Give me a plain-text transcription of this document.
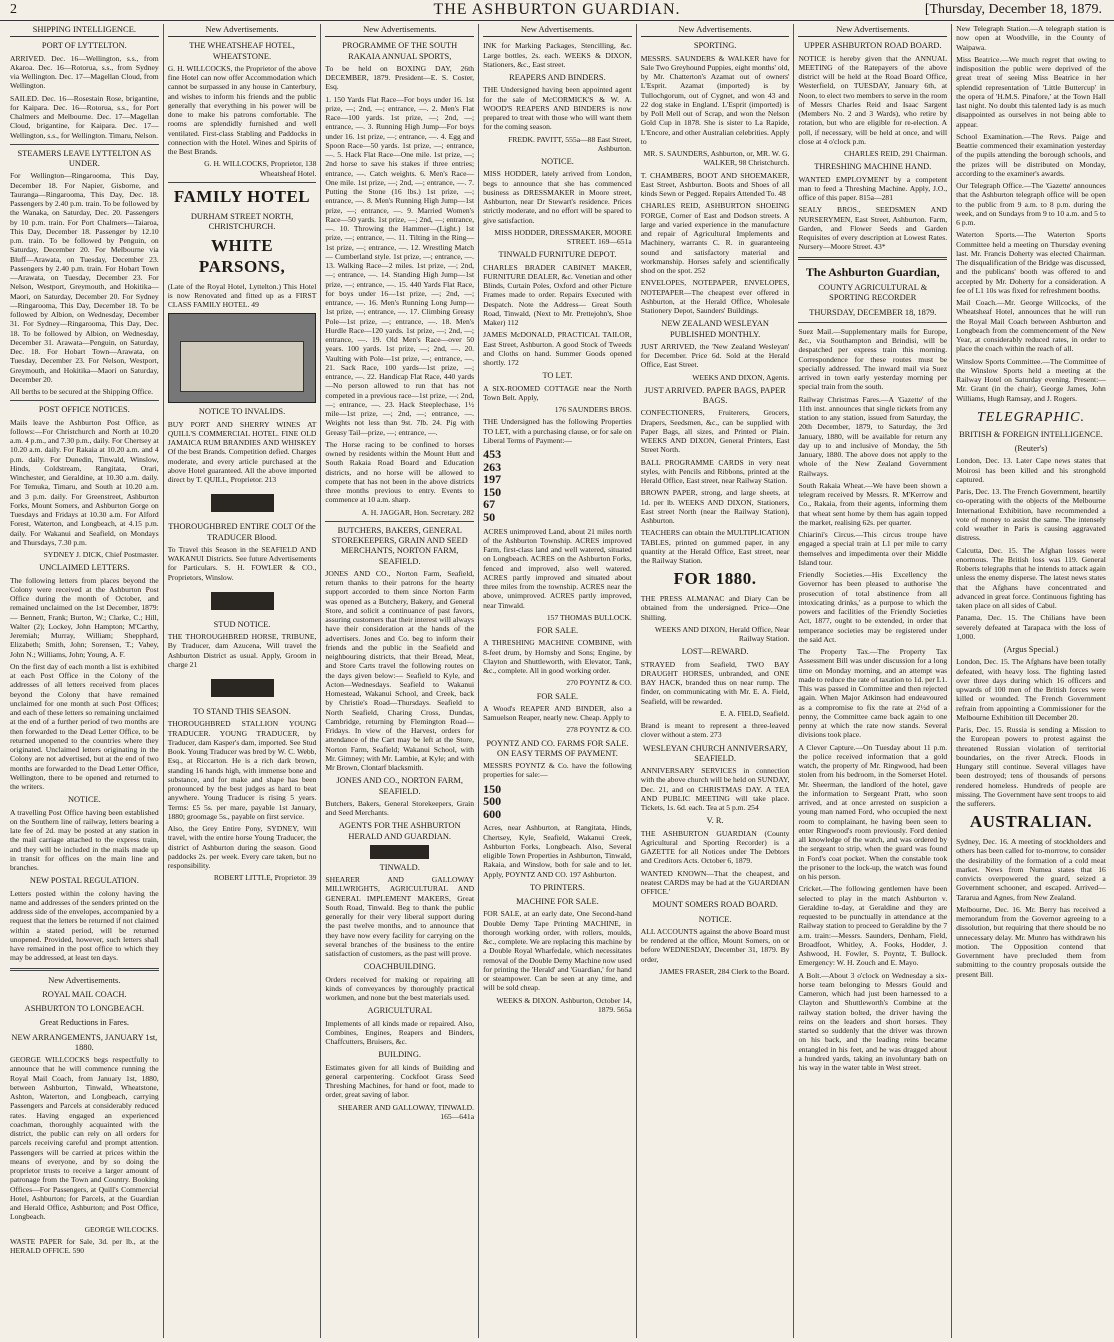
2	THE ASHBURTON GUARDIAN.	[Thursday, December 18, 1879.
SHIPPING INTELLIGENCE.
PORT OF LYTTELTON.
ARRIVED. Dec. 16—Wellington, s.s., from Akaroa. Dec. 16—Rotorua, s.s., from Sydney via Wellington. Dec. 17—Magellan Cloud, from Wellington.
SAILED. Dec. 16—Rosestain Rose, brigantine, for Kaipara. Dec. 16—Rotorua, s.s., for Port Chalmers and Melbourne. Dec. 17—Magellan Cloud, brigantine, for Kaipara. Dec. 17—Wellington, s.s., for Wellington. Timaru, Nelson.
STEAMERS LEAVE LYTTELTON AS UNDER.
For Wellington—Ringarooma, This Day, December 18. For Napier, Gisborne, and Tauranga—Ringarooma, This Day, Dec. 18. Passengers by 2.40 p.m. train. To be followed by the Wanaka, on Saturday, Dec. 20. Passengers by 10 p.m. train. For Port Chalmers—Taiaroa, This Day, December 18. Passenger by 12.10 p.m. train. To be followed by Penguin, on Saturday, December 20. For Melbourne via Bluff—Arawata, on Tuesday, December 23. Passengers by 2.40 p.m. train. For Hobart Town—Arawata, on Tuesday, December 23. For Nelson, Westport, Greymouth, and Hokitika—Maori, on Saturday, December 20. For Sydney—Ringarooma, This Day, December 18. To be followed by Albion, on Wednesday, December 31. For Sydney—Ringarooma, This Day, Dec. 18. To be followed by Albion, on Wednesday, December 31. Arawata—Penguin, on Saturday, Dec. 18. For Hobart Town—Arawata, on Tuesday, December 23. For Nelson, Westport, Greymouth, and Hokitika—Maori on Saturday, December 20.
All berths to be secured at the Shipping Office.
POST OFFICE NOTICES.
Mails leave the Ashburton Post Office, as follows:—For Christchurch and North at 10.20 a.m. 4 p.m., and 7.30 p.m., daily. For Chertsey at 10.20 a.m. daily. For Rakaia at 10.20 a.m. and 4 p.m. daily. For Dunedin, Tinwald, Winslow, Hinds, Coldstream, Rangitata, Orari, Winchester, and Geraldine, at 10.30 a.m. daily. For Temuka, Timaru, and South at 10.20 a.m. and 3 p.m. daily. For Greenstreet, Ashburton Forks, Mount Somers, and Ashburton Gorge on Tuesdays and Fridays at 10.30 a.m. For Alford Forest, Waterton, and Longbeach, at 4.15 p.m. daily. For Wakanui and Seafield, on Mondays and Thursdays, 7.30 p.m.
SYDNEY J. DICK, Chief Postmaster.
UNCLAIMED LETTERS.
The following letters from places beyond the Colony were received at the Ashburton Post Office during the month of October, and remained unclaimed on the 1st December, 1879:— Bennett, Frank; Burton, W.; Clarke, C.; Hill, Walter (2); Lockey, John Hampton; M'Carthy, Jeremiah; Murray, William; Shepphard, Elizabeth; Smith, John; Sorensen, T.; Vahey, John N.; Williams, John; Young, A. F.
On the first day of each month a list is exhibited at each Post Office in the Colony of the addresses of all letters received from places beyond the Colony that have remained unclaimed for one month at such Post Offices; and each of these letters so remaining unclaimed at the end of a further period of two months are then forwarded to the Dead Letter Office, to be returned unopened to the countries where they originated. Unclaimed letters originating in the Colony are not advertised, but at the end of two months are forwarded to the Dead Letter Office, Wellington, there to be opened and returned to the writers.
NOTICE.
A travelling Post Office having been established on the Southern line of railway, letters bearing a late fee of 2d. may be posted at any station in the mail carriage attached to the express train, and they will be included in the mails made up in transit for offices on the main line and branches.
NEW POSTAL REGULATION.
Letters posted within the colony having the name and addresses of the senders printed on the address side of the envelopes, accompanied by a request that the letters be returned if not claimed within a stated period, will be returned unopened. Provided, however, such letters shall have remained in the post office to which they may be addressed, at least ten days.
New Advertisements.
ROYAL MAIL COACH.
ASHBURTON TO LONGBEACH.
Great Reductions in Fares.
NEW ARRANGEMENTS, JANUARY 1st, 1880.
GEORGE WILLCOCKS begs respectfully to announce that he will commence running the Royal Mail Coach, from January 1st, 1880, between Ashburton, Tinwald, Wheatstone, Ashton, Waterton, and Longbeach, carrying Passengers and Parcels at considerably reduced rates. Having engaged an experienced coachman, thoroughly acquainted with the district, the public can rely on all orders for parcels receiving careful and prompt attention. Passengers will be carried at prices within the means of everyone, and by so doing the proprietor trusts to receive a larger amount of patronage from the Town and Country. Booking Offices—For Passengers, at Quill's Commercial Hotel, Ashburton; for Parcels, at the Guardian and Herald Office, Ashburton; and Post Office, Longbeach.
GEORGE WILCOCKS.
WASTE PAPER for Sale, 3d. per lb., at the HERALD OFFICE. 590
New Advertisements.
THE WHEATSHEAF HOTEL, WHEATSTONE.
G. H. WILLCOCKS, the Proprietor of the above fine Hotel can now offer Accommodation which cannot be surpassed in any house in Canterbury, and wishes to inform his friends and the public generally that everything in his power will be done to make his patrons comfortable. The rooms are splendidly furnished and well ventilated. First-class Stabling and Paddocks in connection with the Hotel. Wines and Spirits of the Best Brands.
G. H. WILLCOCKS, Proprietor, 138 Wheatsheaf Hotel.
FAMILY HOTEL
DURHAM STREET NORTH, CHRISTCHURCH.
WHITE PARSONS,
(Late of the Royal Hotel, Lyttelton.) This Hotel is now Renovated and fitted up as a FIRST CLASS FAMILY HOTEL. 49
NOTICE TO INVALIDS.
BUY PORT AND SHERRY WINES AT QUILL'S COMMERCIAL HOTEL. FINE OLD JAMAICA RUM BRANDIES AND WHISKEY Of the best Brands. Competition defied. Charges moderate, and every article purchased at the above Hotel guaranteed. All the above imported direct by T. QUILL, Proprietor. 213
THOROUGHBRED ENTIRE COLT Of the TRADUCER Blood.
To Travel this Season in the SEAFIELD AND WAKANUI Districts. See future Advertisements for Particulars. S. H. FOWLER & CO., Proprietors, Winslow.
STUD NOTICE.
THE THOROUGHBRED HORSE, TRIBUNE, By Traducer, dam Azucena, Will travel the Ashburton District as usual. Apply, Groom in charge 21
TO STAND THIS SEASON.
THOROUGHBRED STALLION YOUNG TRADUCER. YOUNG TRADUCER, by Traducer, dam Kasper's dam, imported. See Stud Book. Young Traducer was bred by W. C. Webb, Esq., at Riccarton. He is a rich dark brown, standing 16 hands high, with immense bone and substance, and for make and shape has been pronounced by the best judges as hard to beat anywhere. Young Traducer is rising 5 years. Terms: £5 5s. per mare, payable 1st January, 1880; groomage 5s., payable on first service.
Also, the Grey Entire Pony, SYDNEY, Will travel, with the entire horse Young Traducer, the district of Ashburton during the season. Good paddocks 2s. per week. Every care taken, but no responsibility.
ROBERT LITTLE, Proprietor. 39
New Advertisements.
PROGRAMME OF THE SOUTH RAKAIA ANNUAL SPORTS,
To be held on BOXING DAY, 26th DECEMBER, 1879. President—E. S. Coster, Esq.
1. 150 Yards Flat Race—For boys under 16. 1st prize, —; 2nd, —; entrance, —. 2. Men's Flat Race—100 yards. 1st prize, —; 2nd, —; entrance, —. 3. Running High Jump—For boys under 16. 1st prize, —; entrance, —. 4. Egg and Spoon Race—50 yards. 1st prize, —; entrance, —. 5. Hack Flat Race—One mile. 1st prize, —; 2nd horse to save his stakes if three entries; entrance, —. Catch weights. 6. Men's Race—One mile. 1st prize, —; 2nd, —; entrance, —. 7. Putting the Stone (16 lbs.) 1st prize, —; entrance, —. 8. Men's Running High Jump—1st prize, —; entrance, —. 9. Married Women's Race—50 yards. 1st prize, —; 2nd, —; entrance, —. 10. Throwing the Hammer—(Light.) 1st prize, —; entrance, —. 11. Tilting in the Ring—1st prize, —; entrance, —. 12. Wrestling Match — Cumberland style. 1st prize, —; entrance, —. 13. Walking Race—2 miles. 1st prize, —; 2nd, —; entrance, —. 14. Standing High Jump—1st prize, —; entrance, —. 15. 440 Yards Flat Race, for boys under 16—1st prize, —; 2nd, —; entrance, —. 16. Men's Running Long Jump—1st prize, —; entrance, —. 17. Climbing Greasy Pole—1st prize, —; entrance, —. 18. Men's Hurdle Race—120 yards. 1st prize, —; 2nd, —; entrance, —. 19. Old Men's Race—over 50 years. 100 yards. 1st prize, —; 2nd, —. 20. Vaulting with Pole—1st prize, —; entrance, —. 21. Sack Race, 100 yards—1st prize, —; entrance, —. 22. Handicap Flat Race, 440 yards—No person allowed to run that has not competed in a previous race—1st prize, —; 2nd, —; entrance, —. 23. Hack Steeplechase, 1½ mile—1st prize, —; 2nd, —; entrance, —. Weights not less than 9st. 7lb. 24. Pig with Greasy Tail—prize, —; entrance, —.
The Horse racing to be confined to horses owned by residents within the Mount Hutt and South Rakaia Road Board and Education districts, and no horse will be allowed to compete that has not been in the above districts three months previous to entry. Events to commence at 10 a.m. sharp.
A. H. JAGGAR, Hon. Secretary. 282
BUTCHERS, BAKERS, GENERAL STOREKEEPERS, GRAIN AND SEED MERCHANTS, NORTON FARM, SEAFIELD.
JONES AND CO., Norton Farm, Seafield, return thanks to their patrons for the hearty support accorded to them since Norton Farm was opened as a Butchery, Bakery, and General Store, and solicit a continuance of past favors, assuring customers that their interest will always have their consideration at the hands of the advertisers. Jones and Co. beg to inform their friends and the public in the Seafield and neighbouring districts, that their Bread, Meat, and Store Carts travel the following routes on the days given below:— Seafield to Kyle, and Acton—Wednesdays. Seafield to Wakanui Homestead, Wakanui School, and Creek, back by Christie's Road—Thursdays. Seafield to North Seafield, Charing Cross, Dundas, Cambridge, returning by Flemington Road—Fridays. In view of the Harvest, orders for attendance of the Cart may be left at the Store, Norton Farm, Seafield; Wakanui School, with Mr. Gimney; with Mr. Lambie, at Kyle; and with Mr Brown, Clontarf blacksmith.
JONES AND CO., NORTON FARM, SEAFIELD.
Butchers, Bakers, General Storekeepers, Grain and Seed Merchants.
AGENTS FOR THE ASHBURTON HERALD AND GUARDIAN.
TINWALD.
SHEARER AND GALLOWAY MILLWRIGHTS, AGRICULTURAL AND GENERAL IMPLEMENT MAKERS, Great South Road, Tinwald. Beg to thank the public generally for their very liberal support during the past twelve months, and to announce that they have now every facility for carrying on the several branches of the business to the entire satisfaction of customers, as the past will prove.
COACHBUILDING.
Orders received for making or repairing all kinds of conveyances by thoroughly practical workmen, and none but the best materials used.
AGRICULTURAL
Implements of all kinds made or repaired. Also, Combines, Engines, Reapers and Binders, Chaffcutters, Bruisers, &c.
BUILDING.
Estimates given for all kinds of Building and general carpentering. Cockfoot Grass Seed Threshing Machines, for hand or foot, made to order, great saving of labor.
SHEARER AND GALLOWAY, TINWALD. 165—641a
New Advertisements.
INK for Marking Packages, Stencilling, &c. Large bottles, 2s. each. WEEKS & DIXON, Stationers, &c., East street.
REAPERS AND BINDERS.
THE Undersigned having been appointed agent for the sale of McCORMICK'S & W. A. WOOD'S REAPERS AND BINDERS is now prepared to treat with those who will want them for the coming season.
FREDK. PAVITT, 555a—88 East Street, Ashburton.
NOTICE.
MISS HODDER, lately arrived from London, begs to announce that she has commenced business as DRESSMAKER in Moore street, Ashburton, near Dr Stewart's residence. Prices strictly moderate, and no effort will be spared to give satisfaction.
MISS HODDER, DRESSMAKER, MOORE STREET. 169—651a
TINWALD FURNITURE DEPOT.
CHARLES BRADER CABINET MAKER, FURNITURE DEALER, &c. Venetian and other Blinds, Curtain Poles, Oxford and other Picture Frames made to order. Repairs Executed with Despatch. Note the Address— Great South Road, Tinwald, (Next to Mr. Prettejohn's, Shoe Maker) 112
JAMES McDONALD, PRACTICAL TAILOR, East Street, Ashburton. A good Stock of Tweeds and Cloths on hand. Summer Goods opened shortly. 172
TO LET.
A SIX-ROOMED COTTAGE near the North Town Belt. Apply,
176 SAUNDERS BROS.
THE Undersigned has the following Properties TO LET, with a purchasing clause, or for sale on Liberal Terms of Payment:—
453
263
197
150
67
50
ACRES unimproved Land, about 21 miles north of the Ashburton Township. ACRES improved Farm, first-class land and well watered, situated on Longbeach. ACRES on the Ashburton Forks, fenced and improved, also well watered. ACRES partly improved and situated about three miles from the township. ACRES near the above, unimproved. ACRES partly improved, near Tinwald.
157 THOMAS BULLOCK.
FOR SALE.
A THRESHING MACHINE COMBINE, with 8-feet drum, by Hornsby and Sons; Engine, by Clayton and Shuttleworth, with Elevator, Tank, &c., complete. All in good working order.
270 POYNTZ & CO.
FOR SALE.
A Wood's REAPER AND BINDER, also a Samuelson Reaper, nearly new. Cheap. Apply to
278 POYNTZ & CO.
POYNTZ AND CO. FARMS FOR SALE. ON EASY TERMS OF PAYMENT.
MESSRS POYNTZ & Co. have the following properties for sale:—
150
500
600
Acres, near Ashburton, at Rangitata, Hinds, Chertsey, Kyle, Seafield, Wakanui Creek, Ashburton Forks, Longbeach. Also, Several eligible Town Properties in Ashburton, Tinwald, Rakaia, and Winslow, both for sale and to let. Apply, POYNTZ AND CO. 197 Ashburton.
TO PRINTERS.
MACHINE FOR SALE.
FOR SALE, at an early date, One Second-hand Double Demy Tape Printing MACHINE, in thorough working order, with rollers, moulds, &c., complete. We are replacing this machine by a Double Royal Wharfedale, which necessitates removal of the Double Demy Machine now used for printing the 'Herald' and 'Guardian,' for hand or steampower. Can be seen at any time, and will be sold cheap.
WEEKS & DIXON. Ashburton, October 14, 1879. 565a
New Advertisements.
SPORTING.
MESSRS. SAUNDERS & WALKER have for Sale Two Greyhound Puppies, eight months' old, by Mr. Chatterton's Azamat out of owners' L'Esprit. Azamat (imported) is by Tullochgorum, out of Cygnet, and won 43 and 22 dog stake in England. L'Esprit (imported) is by Poll Mell out of Scrap, and won the Nelson Gold Cup in 1878. She is sister to La Rapide, L'Encore, and other Australian celebrities. Apply to
MR. S. SAUNDERS, Ashburton, or, MR. W. G. WALKER, 98 Christchurch.
T. CHAMBERS, BOOT AND SHOEMAKER, East Street, Ashburton. Boots and Shoes of all kinds Sewn or Pegged. Repairs Attended To. 48
CHARLES REID, ASHBURTON SHOEING FORGE, Corner of East and Dodson streets. A large and varied experience in the manufacture and repair of Agricultural Implements and Machinery, warrants C. R. in guaranteeing sound and satisfactory material and workmanship. Horses safely and scientifically shod on the spot. 252
ENVELOPES, NOTEPAPER, ENVELOPES, NOTEPAPER—The cheapest ever offered in Ashburton, at the Herald Office, Wholesale Stationery Depot, Saunders' Buildings.
NEW ZEALAND WESLEYAN PUBLISHED MONTHLY.
JUST ARRIVED, the 'New Zealand Wesleyan' for December. Price 6d. Sold at the Herald Office, East Street.
WEEKS AND DIXON, Agents.
JUST ARRIVED. PAPER BAGS, PAPER BAGS.
CONFECTIONERS, Fruiterers, Grocers, Drapers, Seedsmen, &c., can be supplied with Paper Bags, all sizes, and Printed or Plain. WEEKS AND DIXON, General Printers, East Street North.
BALL PROGRAMME CARDS in very neat styles, with Pencils and Ribbons, printed at the Herald Office, East street, near Railway Station.
BROWN PAPER, strong, and large sheets, at 1d. per lb. WEEKS AND DIXON, Stationers, East street North (near the Railway Station), Ashburton.
TEACHERS can obtain the MULTIPLICATION TABLES, printed on gummed paper, in any quantity at the Herald Office, East street, near the Railway Station.
FOR 1880.
THE PRESS ALMANAC and Diary Can be obtained from the undersigned. Price—One Shilling.
WEEKS AND DIXON, Herald Office, Near Railway Station.
LOST—REWARD.
STRAYED from Seafield, TWO BAY DRAUGHT HORSES, unbranded, and ONE BAY HACK, branded thus on near rump. The finder, on communicating with Mr. E. A. Field, Seafield, will be rewarded.
E. A. FIELD, Seafield.
Brand is meant to represent a three-leaved clover without a stem. 273
WESLEYAN CHURCH ANNIVERSARY, SEAFIELD.
ANNIVERSARY SERVICES in connection with the above church will be held on SUNDAY, Dec. 21, and on CHRISTMAS DAY. A TEA AND PUBLIC MEETING will take place. Tickets, 1s. 6d. each. Tea at 5 p.m. 254
V. R.
THE ASHBURTON GUARDIAN (County Agricultural and Sporting Recorder) is a GAZETTE for all Notices under The Debtors and Creditors Acts. October 6, 1879.
WANTED KNOWN—That the cheapest, and neatest CARDS may be had at the 'GUARDIAN OFFICE.'
MOUNT SOMERS ROAD BOARD.
NOTICE.
ALL ACCOUNTS against the above Board must be rendered at the office, Mount Somers, on or before WEDNESDAY, December 31, 1879. By order,
JAMES FRASER, 284 Clerk to the Board.
New Advertisements.
UPPER ASHBURTON ROAD BOARD.
NOTICE is hereby given that the ANNUAL MEETING of the Ratepayers of the above district will be held at the Road Board Office, Westerfield, on TUESDAY, January 6th, at Noon, to elect two members to serve in the room of Messrs Charles Reid and Isaac Sargent (Members No. 2 and 3 Wards), who retire by rotation, but who are eligible for re-election. A poll, if necessary, will be held at once, and will close at 4 o'clock p.m.
CHARLES REID, 291 Chairman.
THRESHING MACHINE HAND.
WANTED EMPLOYMENT by a competent man to feed a Threshing Machine. Apply, J.O., office of this paper. 815a—281
SEALY BROS., SEEDSMEN AND NURSERYMEN, East Street, Ashburton. Farm, Garden, and Flower Seeds and Garden Requisites of every description at Lowest Rates. Nursery—Moore Street. 43*
The Ashburton Guardian,
COUNTY AGRICULTURAL & SPORTING RECORDER
THURSDAY, DECEMBER 18, 1879.
Suez Mail.—Supplementary mails for Europe, &c., via Southampton and Brindisi, will be despatched per express train this morning. Correspondence for these routes must be specially addressed. The inward mail via Suez arrived in town early yesterday morning per special train from the south.
Railway Christmas Fares.—A 'Gazette' of the 11th inst. announces that single tickets from any station to any station, issued from Saturday, the 20th December, 1879, to Saturday, the 3rd January, 1880, will be available for return any day up to and inclusive of Monday, the 5th January, 1880. The above does not apply to the whole of the New Zealand Government Railways.
South Rakaia Wheat.—We have been shown a telegram received by Messrs. R. M'Kerrow and Co., Rakaia, from their agents, informing them that wheat sent home by them has again topped the market, realising 62s. per quarter.
Chiarini's Circus.—This circus troupe have engaged a special train at L1 per mile to carry themselves and impedimenta over their Middle Island tour.
Friendly Societies.—His Excellency the Governor has been pleased to authorise 'the prosecution of total abstinence from all intoxicating drinks,' as a purpose to which the powers and facilities of the Friendly Societies Act, 1877, ought to be extended, in order that temperance societies may be registered under the said Act.
The Property Tax.—The Property Tax Assessment Bill was under discussion for a long time on Monday morning, and an attempt was made to reduce the rate of taxation to 1d. per L1. This was passed in Committee and then rejected again. When Major Atkinson had endeavoured as a compromise to fix the rate at 2½d of a penny, the Committee came back again to one penny at which the rate now stands. Several divisions took place.
A Clever Capture.—On Tuesday about 11 p.m. the police received information that a gold watch, the property of Mr. Ringwood, had been stolen from his bedroom, in the Somerset Hotel. Mr. Sheerman, the landlord of the hotel, gave the information to Sergeant Pratt, who soon arrived, and at once arrested on suspicion a young man named Ford, who occupied the next room to complainant, he having been seen to enter Ringwood's room previously. Ford denied all knowledge of the watch, and was ordered by the sergeant to strip, when the guard was found in Ford's coat pocket. When the constable took the prisoner to the lock-up, the watch was found on his person.
Cricket.—The following gentlemen have been selected to play in the match Ashburton v. Geraldine to-day, at Geraldine and they are requested to be punctually in attendance at the Railway station to proceed to Geraldine by the 7 a.m. train:—Messrs. Saunders, Denham, Field, Broadfoot, Whitley, A. Fooks, Hodder, J. Ashwood, H. Fowler, S. Poyntz, T. Bullock. Emergency: W. H. Zouch and E. Mayo.
A Bolt.—About 3 o'clock on Wednesday a six-horse team belonging to Messrs Gould and Cameron, which had just been harnessed to a Clayton and Shuttleworth's Combine at the railway station bolted, the driver having the reins on the leaders and short horses. They started so suddenly that the driver was thrown on his back, and the leading reins became entangled in his feet, and he was dragged about a hundred yards, taking an involuntary bath on his way in the water table in West street.
New Telegraph Station.—A telegraph station is now open at Woodville, in the County of Waipawa.
Miss Beatrice.—We much regret that owing to indisposition the public were deprived of the great treat of seeing Miss Beatrice in her splendid representation of 'Little Buttercup' in the opera of 'H.M.S. Pinafore,' at the Town Hall last night. No doubt this talented lady is as much disappointed as ourselves in not being able to appear.
School Examination.—The Revs. Paige and Beattie commenced their examination yesterday of the pupils attending the borough schools, and the prizes will be distributed on Monday, according to the examiner's awards.
Our Telegraph Office.—The 'Gazette' announces that the Ashburton telegraph office will be open to the public from 9 a.m. to 8 p.m. during the week, and on Sundays from 9 to 10 a.m. and 5 to 6 p.m.
Waterton Sports.—The Waterton Sports Committee held a meeting on Thursday evening last. Mr. Francis Doherty was elected Chairman. The disqualification of the Bridge was discussed, and the publicans' booth was offered to and accepted by Mr. Doherty for a consideration. A fee of L1 10s was fixed for refreshment booths.
Mail Coach.—Mr. George Willcocks, of the Wheatsheaf Hotel, announces that he will run the Royal Mail Coach between Ashburton and Longbeach from the commencement of the New Year, at considerably reduced rates, in order to place the coach within the reach of all.
Winslow Sports Committee.—The Committee of the Winslow Sports held a meeting at the Railway Hotel on Saturday evening. Present:—Mr. Grant (in the chair), George James, John Williams, Hugh Ramsay, and J. Rogers.
TELEGRAPHIC.
BRITISH & FOREIGN INTELLIGENCE.
(Reuter's)
London, Dec. 13. Later Cape news states that Moirosi has been killed and his stronghold captured.
Paris, Dec. 13. The French Government, heartily co-operating with the objects of the Melbourne International Exhibition, have recommended a vote of money to assist the same. The intensely cold weather in Paris is causing aggravated distress.
Calcutta, Dec. 15. The Afghan losses were enormous. The British loss was 119. General Roberts telegraphs that he intends to attack again unless the enemy disperse. The latest news states that the Afghans have concentrated and advanced in great force. Continuous fighting has taken place on all sides of Cabul.
Panama, Dec. 15. The Chilians have been severely defeated at Tarapaca with the loss of 1,000.
(Argus Special.)
London, Dec. 15. The Afghans have been totally defeated, with heavy loss. The fighting lasted over three days during which 16 officers and upwards of 100 men of the British forces were killed or wounded. The French Government refrain from appointing a Commissioner for the Melbourne Exhibition till December 20.
Paris, Dec. 15. Russia is sending a Mission to the European powers to protest against the threatened Russian violation of territorial boundaries, on the river Atreck. Floods in Hungary still continue. Several villages have been destroyed; tens of thousands of persons rendered homeless. Hundreds of people are missing. The Government have sent troops to aid the sufferers.
AUSTRALIAN.
Sydney, Dec. 16. A meeting of stockholders and others has been called for to-morrow, to consider the desirability of the formation of a cold meat market. News from Numea states that 16 convicts overpowered the guard, seized a Government schooner, and escaped. Arrived—Tararua and Agnes, from New Zealand.
Melbourne, Dec. 16. Mr. Berry has received a memorandum from the Governor agreeing to a dissolution, but requiring that there should be no unnecessary delay. Mr. Munro has withdrawn his motion. The Opposition contend that Government have precluded them from submitting to the country proposals outside the present Bill.
